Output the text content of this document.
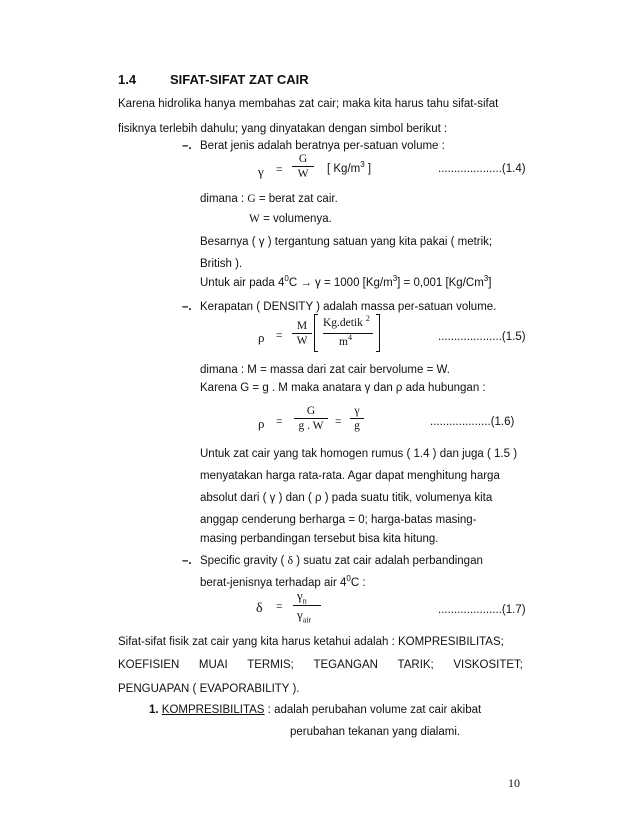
1.4	SIFAT-SIFAT ZAT CAIR
Karena hidrolika hanya membahas zat cair; maka kita harus tahu sifat-sifat
fisiknya terlebih dahulu; yang dinyatakan dengan simbol berikut :
–. Berat jenis adalah beratnya per-satuan volume :
γ =
G
W	[ $Kg/m^3$ ]	....................(1.4)
dimana : G = berat zat cair.
W = volumenya.
Besarnya ( γ ) tergantung satuan yang kita pakai ( metrik;
British ).
Untuk air pada $4^0C \to \gamma = 1000$ $[Kg/m^3] = 0,001$ [Kg/Cm$^3$]
–. Kerapatan ( DENSITY ) adalah massa per-satuan volume.
ρ =
M
W
Kg.detik $^2$
$m^4$	....................(1.5)
dimana : M = massa dari zat cair bervolume = W.
Karena G = g . M maka anatara γ dan ρ ada hubungan :
ρ =
G
g . W =
γ
g	...................(1.6)
Untuk zat cair yang tak homogen rumus ( 1.4 ) dan juga ( 1.5 )
menyatakan harga rata-rata. Agar dapat menghitung harga
absolut dari ( γ ) dan ( ρ ) pada suatu titik, volumenya kita
anggap cenderung berharga = 0; harga-batas masing-
masing perbandingan tersebut bisa kita hitung.
–. Specific gravity ( δ ) suatu zat cair adalah perbandingan
berat-jenisnya terhadap air $4^0C$ :
δ =
$\gamma_n$
$\gamma_{air}$
....................(1.7)
Sifat-sifat fisik zat cair yang kita harus ketahui adalah : KOMPRESIBILITAS;
KOEFISIEN MUAI TERMIS; TEGANGAN TARIK; VISKOSITET;
PENGUAPAN ( EVAPORABILITY ).
1. KOMPRESIBILITAS : adalah perubahan volume zat cair akibat
perubahan tekanan yang dialami.
10
